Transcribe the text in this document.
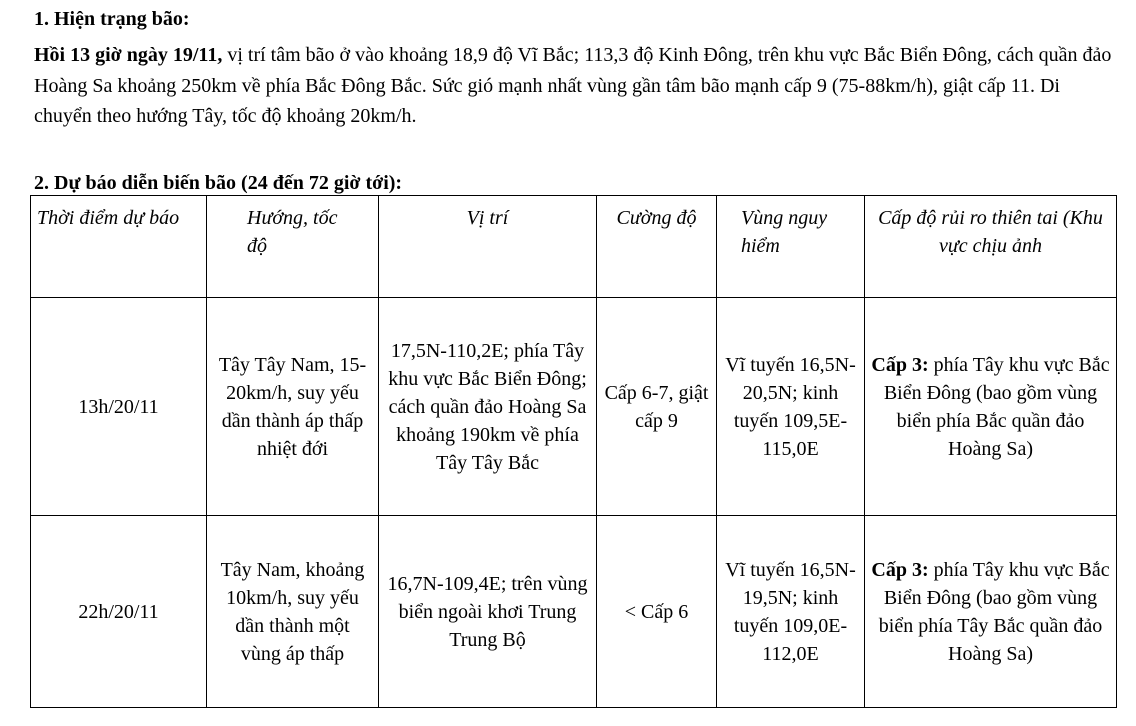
1. Hiện trạng bão:
Hồi 13 giờ ngày 19/11, vị trí tâm bão ở vào khoảng 18,9 độ Vĩ Bắc; 113,3 độ Kinh Đông, trên khu vực Bắc Biển Đông, cách quần đảo Hoàng Sa khoảng 250km về phía Bắc Đông Bắc. Sức gió mạnh nhất vùng gần tâm bão mạnh cấp 9 (75-88km/h), giật cấp 11. Di chuyển theo hướng Tây, tốc độ khoảng 20km/h.
2. Dự báo diễn biến bão (24 đến 72 giờ tới):
Thời điểm dự báo	Hướng, tốc độ	Vị trí	Cường độ	Vùng nguy hiểm	Cấp độ rủi ro thiên tai (Khu vực chịu ảnh

13h/20/11	Tây Tây Nam, 15-20km/h, suy yếu dần thành áp thấp nhiệt đới	17,5N-110,2E; phía Tây khu vực Bắc Biển Đông; cách quần đảo Hoàng Sa khoảng 190km về phía Tây Tây Bắc	Cấp 6-7, giật cấp 9	Vĩ tuyến 16,5N-20,5N; kinh tuyến 109,5E-115,0E	Cấp 3: phía Tây khu vực Bắc Biển Đông (bao gồm vùng biển phía Bắc quần đảo Hoàng Sa)

22h/20/11	Tây Nam, khoảng 10km/h, suy yếu dần thành một vùng áp thấp	16,7N-109,4E; trên vùng biển ngoài khơi Trung Trung Bộ	< Cấp 6	Vĩ tuyến 16,5N-19,5N; kinh tuyến 109,0E-112,0E	Cấp 3: phía Tây khu vực Bắc Biển Đông (bao gồm vùng biển phía Tây Bắc quần đảo Hoàng Sa)
